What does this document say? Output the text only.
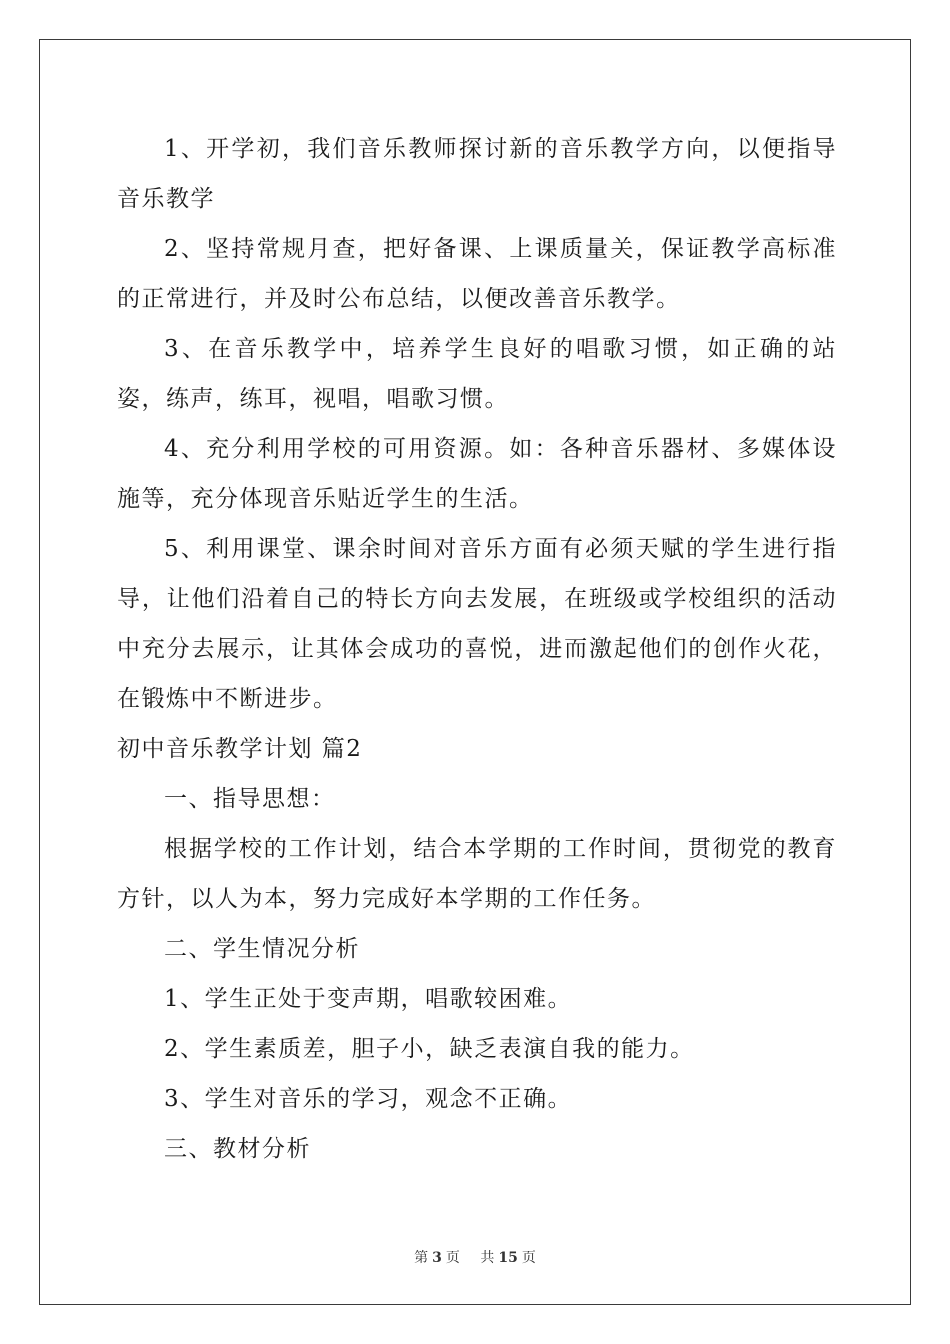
1、开学初，我们音乐教师探讨新的音乐教学方向，以便指导音乐教学

2、坚持常规月查，把好备课、上课质量关，保证教学高标准的正常进行，并及时公布总结，以便改善音乐教学。

3、在音乐教学中，培养学生良好的唱歌习惯，如正确的站姿，练声，练耳，视唱，唱歌习惯。

4、充分利用学校的可用资源。如：各种音乐器材、多媒体设施等，充分体现音乐贴近学生的生活。

5、利用课堂、课余时间对音乐方面有必须天赋的学生进行指导，让他们沿着自己的特长方向去发展，在班级或学校组织的活动中充分去展示，让其体会成功的喜悦，进而激起他们的创作火花，在锻炼中不断进步。

初中音乐教学计划 篇2

一、指导思想：

根据学校的工作计划，结合本学期的工作时间，贯彻党的教育方针，以人为本，努力完成好本学期的工作任务。

二、学生情况分析

1、学生正处于变声期，唱歌较困难。

2、学生素质差，胆子小，缺乏表演自我的能力。

3、学生对音乐的学习，观念不正确。

三、教材分析

第 3 页 共 15 页
